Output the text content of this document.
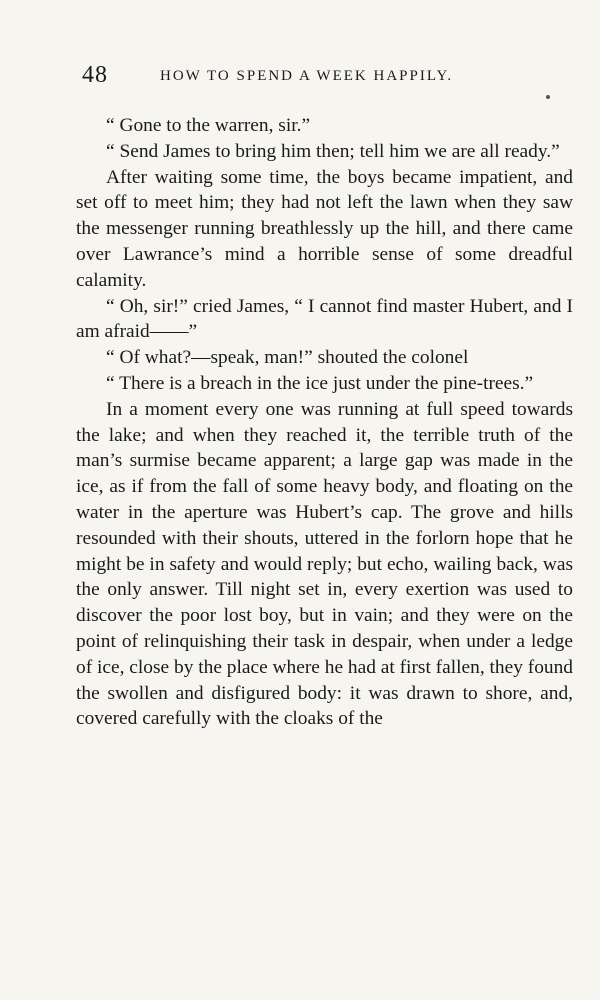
48	HOW TO SPEND A WEEK HAPPILY.

“ Gone to the warren, sir.”

“ Send James to bring him then; tell him we are all ready.”

After waiting some time, the boys became impatient, and set off to meet him; they had not left the lawn when they saw the messenger running breathlessly up the hill, and there came over Lawrance’s mind a horrible sense of some dreadful calamity.

“ Oh, sir!” cried James, “ I cannot find master Hubert, and I am afraid——”

“ Of what?—speak, man!” shouted the colonel

“ There is a breach in the ice just under the pine-trees.”

In a moment every one was running at full speed towards the lake; and when they reached it, the terrible truth of the man’s surmise became apparent; a large gap was made in the ice, as if from the fall of some heavy body, and floating on the water in the aperture was Hubert’s cap. The grove and hills resounded with their shouts, uttered in the forlorn hope that he might be in safety and would reply; but echo, wailing back, was the only answer. Till night set in, every exertion was used to discover the poor lost boy, but in vain; and they were on the point of relinquishing their task in despair, when under a ledge of ice, close by the place where he had at first fallen, they found the swollen and disfigured body: it was drawn to shore, and, covered carefully with the cloaks of the
